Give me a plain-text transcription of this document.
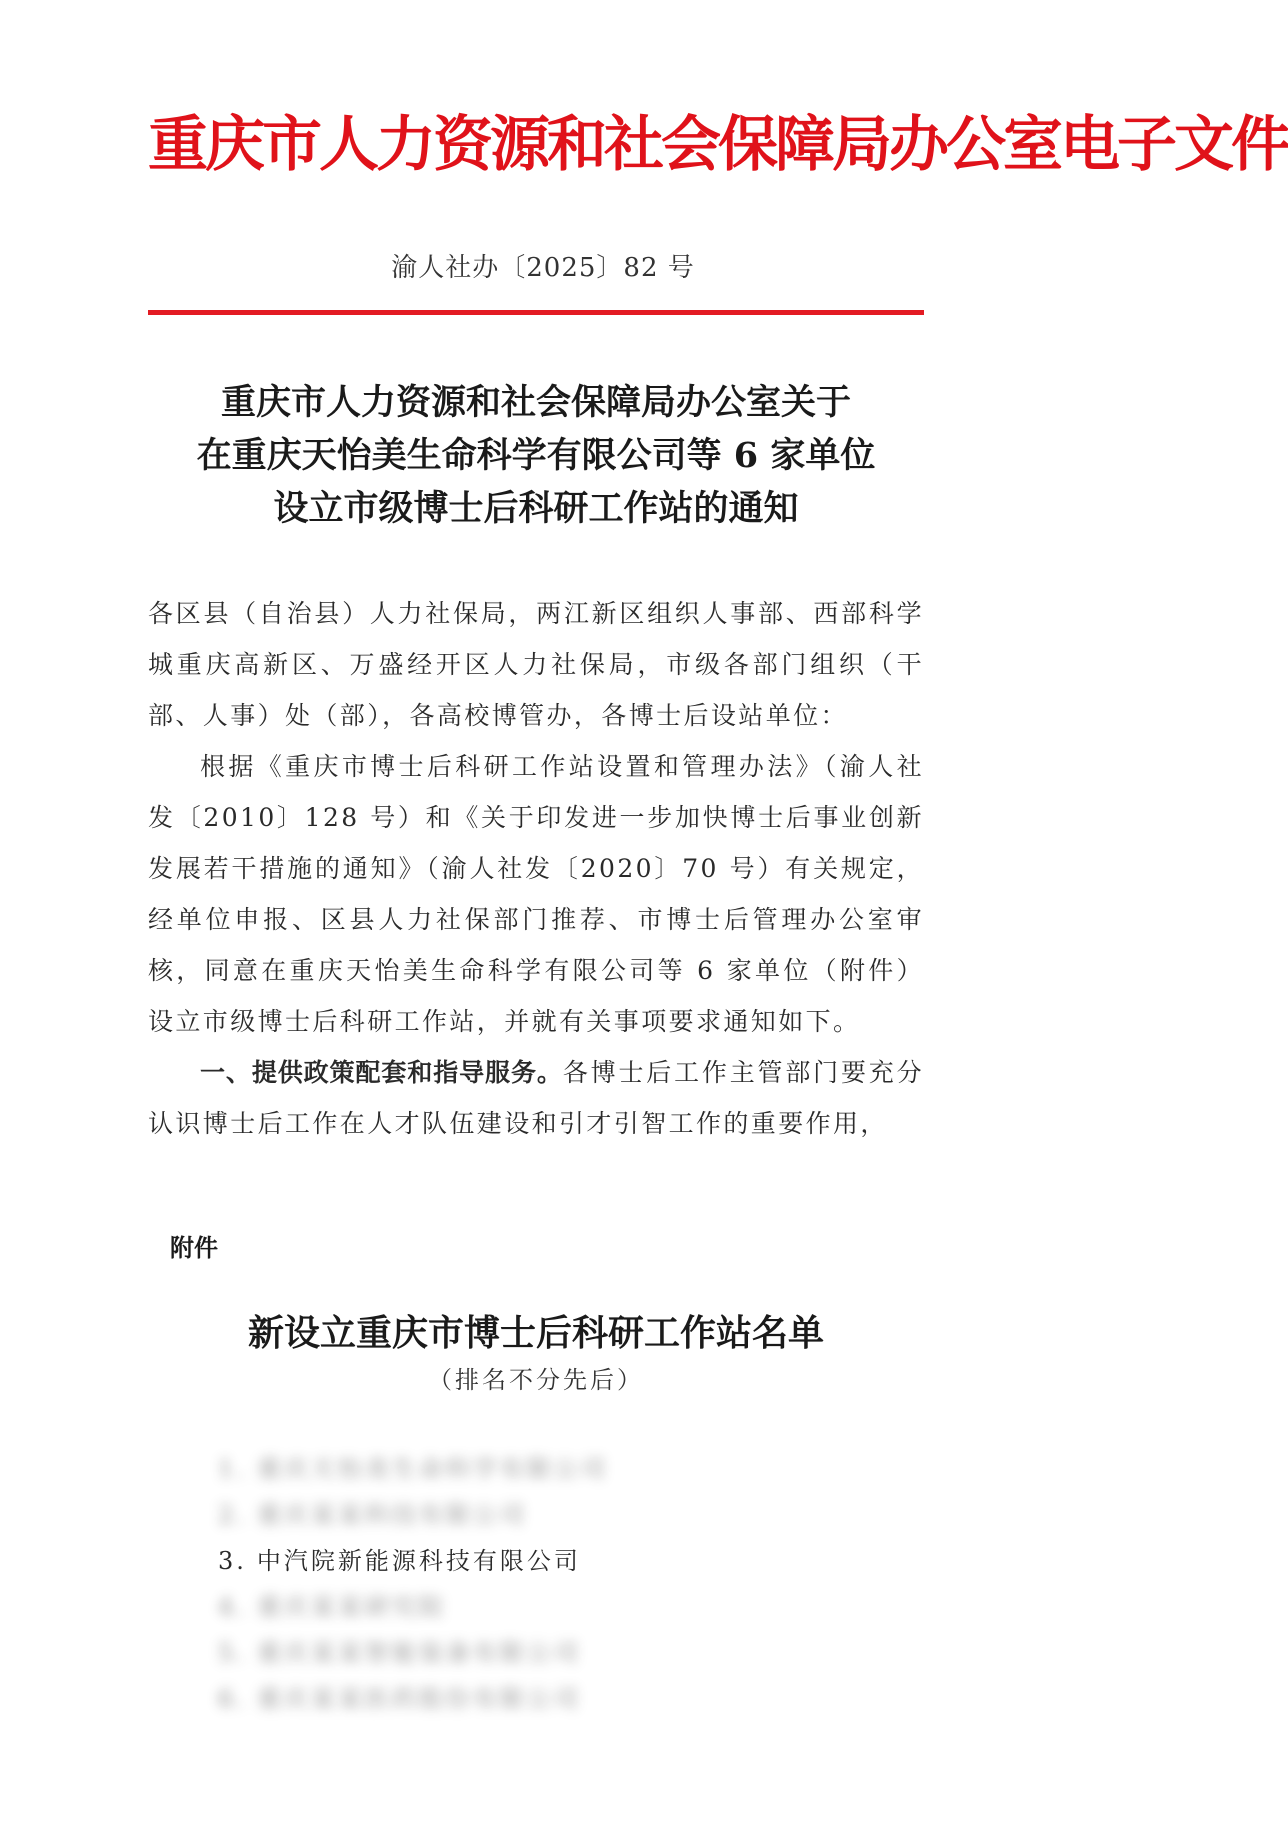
重庆市人力资源和社会保障局办公室电子文件
渝人社办〔2025〕82 号
重庆市人力资源和社会保障局办公室关于
在重庆天怡美生命科学有限公司等 6 家单位
设立市级博士后科研工作站的通知

各区县（自治县）人力社保局，两江新区组织人事部、西部科学城重庆高新区、万盛经开区人力社保局，市级各部门组织（干部、人事）处（部），各高校博管办，各博士后设站单位：

根据《重庆市博士后科研工作站设置和管理办法》（渝人社发〔2010〕128 号）和《关于印发进一步加快博士后事业创新发展若干措施的通知》（渝人社发〔2020〕70 号）有关规定，经单位申报、区县人力社保部门推荐、市博士后管理办公室审核，同意在重庆天怡美生命科学有限公司等 6 家单位（附件）设立市级博士后科研工作站，并就有关事项要求通知如下。

一、提供政策配套和指导服务。各博士后工作主管部门要充分认识博士后工作在人才队伍建设和引才引智工作的重要作用，

附件
新设立重庆市博士后科研工作站名单
（排名不分先后）
1. 重庆天怡美生命科学有限公司
2. 重庆某某科技有限公司
3. 中汽院新能源科技有限公司
4. 重庆某某研究院
5. 重庆某某智能装备有限公司
6. 重庆某某医药股份有限公司
